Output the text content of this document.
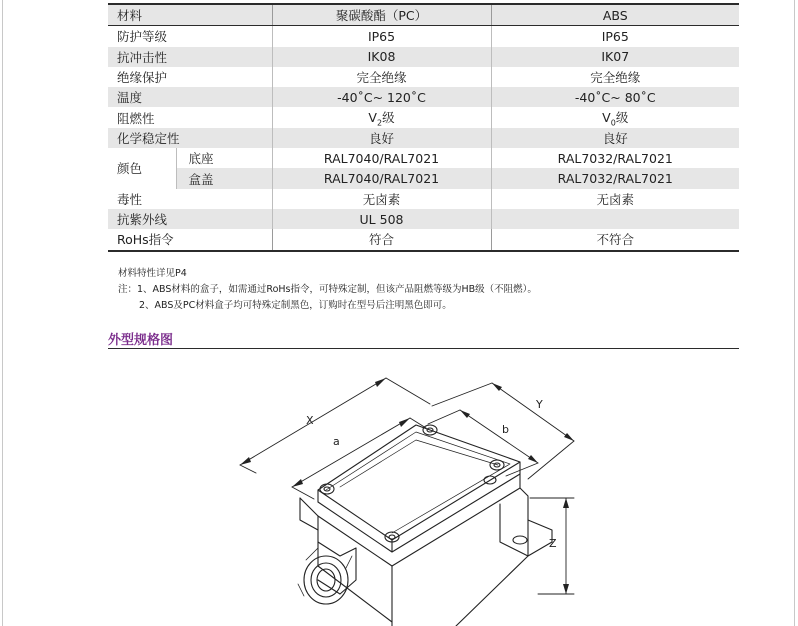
材料		聚碳酸酯（PC）	ABS
防护等级		IP65	IP65
抗冲击性		IK08	IK07
绝缘保护		完全绝缘	完全绝缘
温度		-40˚C~ 120˚C	-40˚C~ 80˚C
阻燃性		$V_2$级	$V_0$级
化学稳定性		良好	良好
颜色	底座	RAL7040/RAL7021	RAL7032/RAL7021
	盒盖	RAL7040/RAL7021	RAL7032/RAL7021
毒性		无卤素	无卤素
抗紫外线		UL 508	
RoHs指令		符合	不符合
材料特性详见P4
注：1、ABS材料的盒子，如需通过RoHs指令，可特殊定制，但该产品阻燃等级为HB级（不阻燃）。
2、ABS及PC材料盒子均可特殊定制黑色，订购时在型号后注明黑色即可。
外型规格图
X
a
b
Y
Z
